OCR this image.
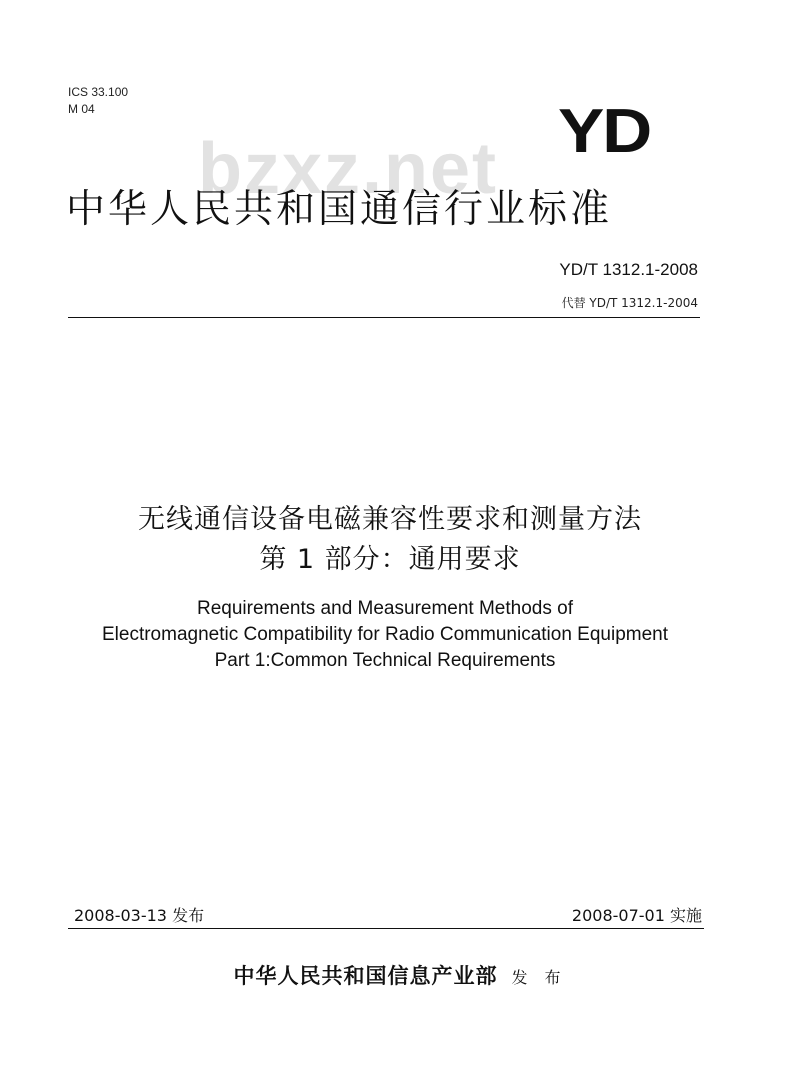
ICS 33.100
M 04
bzxz.net YD
中华人民共和国通信行业标准
YD/T 1312.1-2008
代替 YD/T 1312.1-2004
无线通信设备电磁兼容性要求和测量方法
第 1 部分：通用要求
Requirements and Measurement Methods of
Electromagnetic Compatibility for Radio Communication Equipment
Part 1:Common Technical Requirements
2008-03-13 发布	2008-07-01 实施
中华人民共和国信息产业部 发 布
